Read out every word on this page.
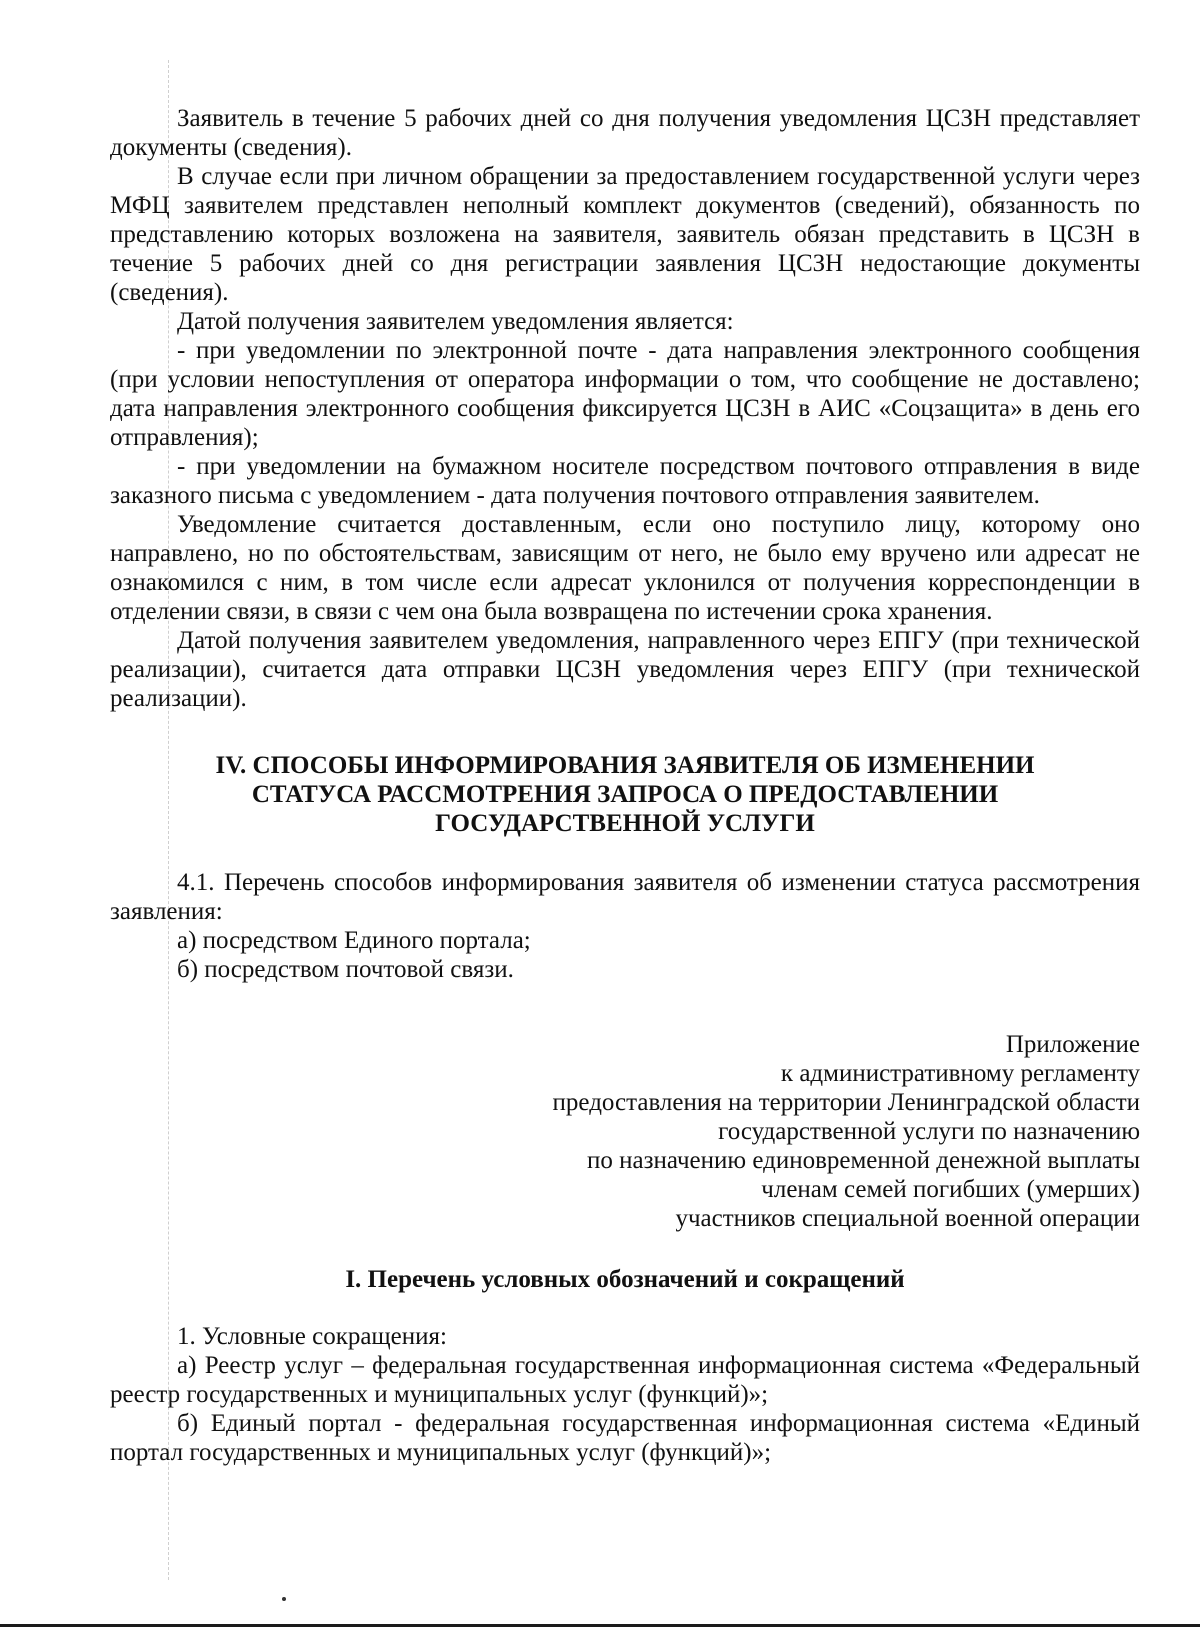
Заявитель в течение 5 рабочих дней со дня получения уведомления ЦСЗН представляет документы (сведения).

В случае если при личном обращении за предоставлением государственной услуги через МФЦ заявителем представлен неполный комплект документов (сведений), обязанность по представлению которых возложена на заявителя, заявитель обязан представить в ЦСЗН в течение 5 рабочих дней со дня регистрации заявления ЦСЗН недостающие документы (сведения).

Датой получения заявителем уведомления является:

- при уведомлении по электронной почте - дата направления электронного сообщения (при условии непоступления от оператора информации о том, что сообщение не доставлено; дата направления электронного сообщения фиксируется ЦСЗН в АИС «Соцзащита» в день его отправления);

- при уведомлении на бумажном носителе посредством почтового отправления в виде заказного письма с уведомлением - дата получения почтового отправления заявителем.

Уведомление считается доставленным, если оно поступило лицу, которому оно направлено, но по обстоятельствам, зависящим от него, не было ему вручено или адресат не ознакомился с ним, в том числе если адресат уклонился от получения корреспонденции в отделении связи, в связи с чем она была возвращена по истечении срока хранения.

Датой получения заявителем уведомления, направленного через ЕПГУ (при технической реализации), считается дата отправки ЦСЗН уведомления через ЕПГУ (при технической реализации).

IV. СПОСОБЫ ИНФОРМИРОВАНИЯ ЗАЯВИТЕЛЯ ОБ ИЗМЕНЕНИИ
СТАТУСА РАССМОТРЕНИЯ ЗАПРОСА О ПРЕДОСТАВЛЕНИИ
ГОСУДАРСТВЕННОЙ УСЛУГИ

4.1. Перечень способов информирования заявителя об изменении статуса рассмотрения заявления:

а) посредством Единого портала;

б) посредством почтовой связи.

Приложение
к административному регламенту
предоставления на территории Ленинградской области
государственной услуги по назначению
по назначению единовременной денежной выплаты
членам семей погибших (умерших)
участников специальной военной операции
I. Перечень условных обозначений и сокращений

1. Условные сокращения:

а) Реестр услуг – федеральная государственная информационная система «Федеральный реестр государственных и муниципальных услуг (функций)»;

б) Единый портал - федеральная государственная информационная система «Единый портал государственных и муниципальных услуг (функций)»;
